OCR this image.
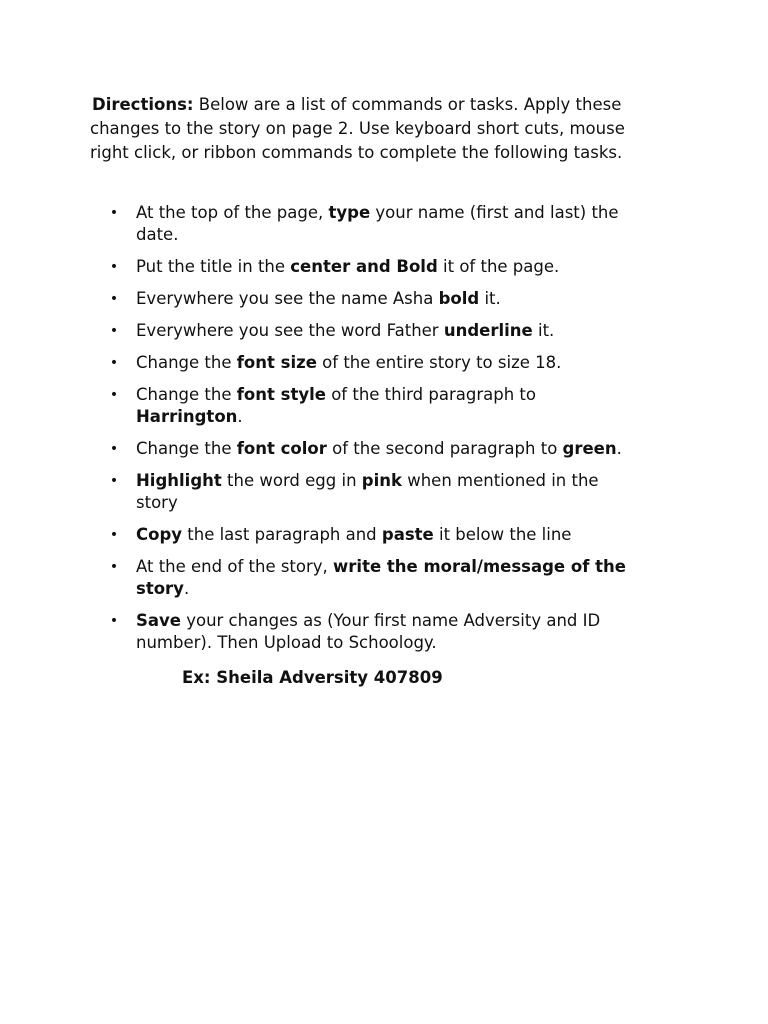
Directions: Below are a list of commands or tasks. Apply these
changes to the story on page 2. Use keyboard short cuts, mouse
right click, or ribbon commands to complete the following tasks.
• At the top of the page, type your name (first and last) the
date.
• Put the title in the center and Bold it of the page.
• Everywhere you see the name Asha bold it.
• Everywhere you see the word Father underline it.
• Change the font size of the entire story to size 18.
• Change the font style of the third paragraph to
Harrington.
• Change the font color of the second paragraph to green.
• Highlight the word egg in pink when mentioned in the
story
• Copy the last paragraph and paste it below the line
• At the end of the story, write the moral/message of the
story.
• Save your changes as (Your first name Adversity and ID
number). Then Upload to Schoology.
Ex: Sheila Adversity 407809
